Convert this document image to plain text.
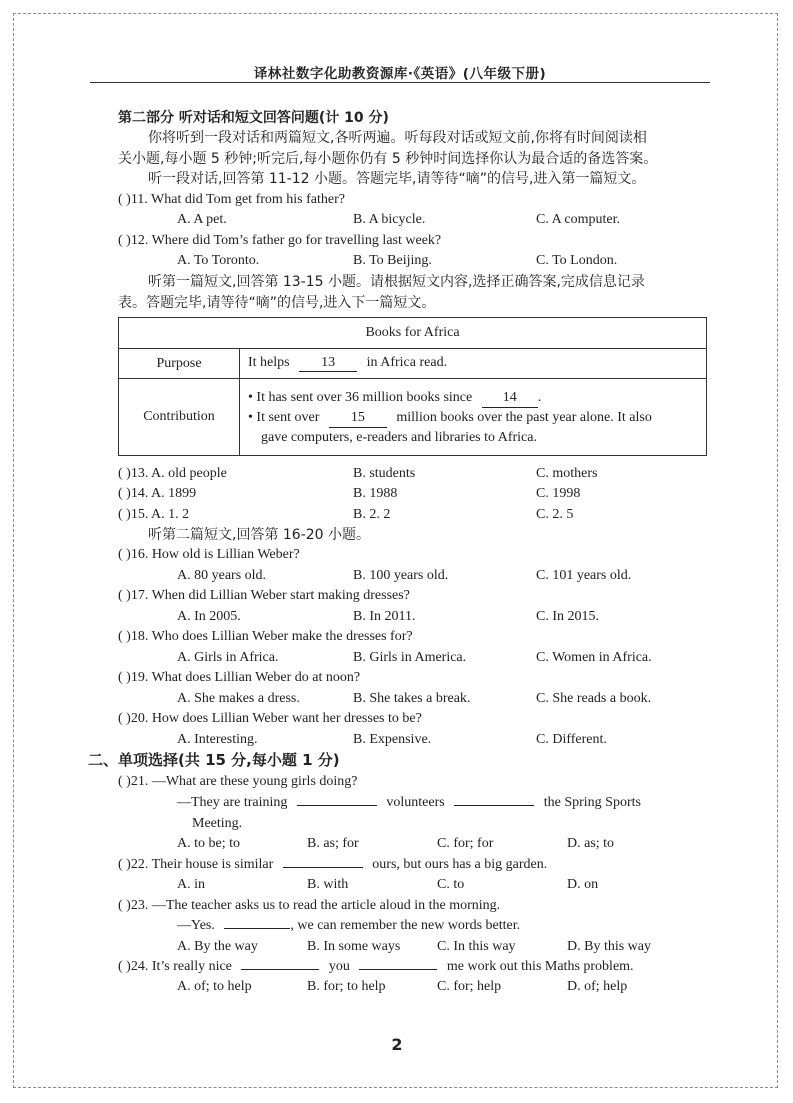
译林社数字化助教资源库·《英语》(八年级下册)
第二部分 听对话和短文回答问题(计 10 分)
你将听到一段对话和两篇短文,各听两遍。听每段对话或短文前,你将有时间阅读相
关小题,每小题 5 秒钟;听完后,每小题你仍有 5 秒钟时间选择你认为最合适的备选答案。
听一段对话,回答第 11-12 小题。答题完毕,请等待“嘀”的信号,进入第一篇短文。
( )11. What did Tom get from his father?
A. A pet.	B. A bicycle.	C. A computer.
( )12. Where did Tom’s father go for travelling last week?
A. To Toronto.	B. To Beijing.	C. To London.
听第一篇短文,回答第 13-15 小题。请根据短文内容,选择正确答案,完成信息记录
表。答题完毕,请等待“嘀”的信号,进入下一篇短文。
Books for Africa	
Purpose	It helps 13 in Africa read.
Contribution	• It has sent over 36 million books since 14 .
• It sent over 15 million books over the past year alone. It also
gave computers, e-readers and libraries to Africa.
( )13. A. old people	B. students	C. mothers
( )14. A. 1899	B. 1988	C. 1998
( )15. A. 1. 2	B. 2. 2	C. 2. 5
听第二篇短文,回答第 16-20 小题。
( )16. How old is Lillian Weber?
A. 80 years old.	B. 100 years old.	C. 101 years old.
( )17. When did Lillian Weber start making dresses?
A. In 2005.	B. In 2011.	C. In 2015.
( )18. Who does Lillian Weber make the dresses for?
A. Girls in Africa.	B. Girls in America.	C. Women in Africa.
( )19. What does Lillian Weber do at noon?
A. She makes a dress.	B. She takes a break.	C. She reads a book.
( )20. How does Lillian Weber want her dresses to be?
A. Interesting.	B. Expensive.	C. Different.
二、单项选择(共 15 分,每小题 1 分)
( )21. —What are these young girls doing?
—They are training	volunteers	the Spring Sports
Meeting.
A. to be; to	B. as; for	C. for; for	D. as; to
( )22. Their house is similar	ours, but ours has a big garden.
A. in	B. with	C. to	D. on
( )23. —The teacher asks us to read the article aloud in the morning.
—Yes.	, we can remember the new words better.
A. By the way	B. In some ways	C. In this way	D. By this way
( )24. It’s really nice	you	me work out this Maths problem.
A. of; to help	B. for; to help	C. for; help	D. of; help
2
